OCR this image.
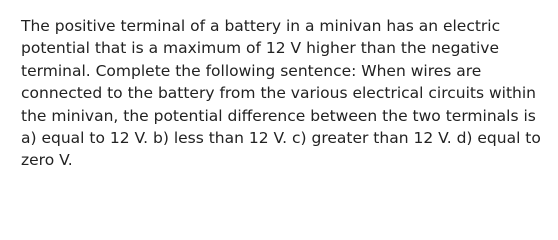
The positive terminal of a battery in a minivan has an electric potential that is a maximum of 12 V higher than the negative terminal. Complete the following sentence: When wires are connected to the battery from the various electrical circuits within the minivan, the potential difference between the two terminals is a) equal to 12 V. b) less than 12 V. c) greater than 12 V. d) equal to zero V.
